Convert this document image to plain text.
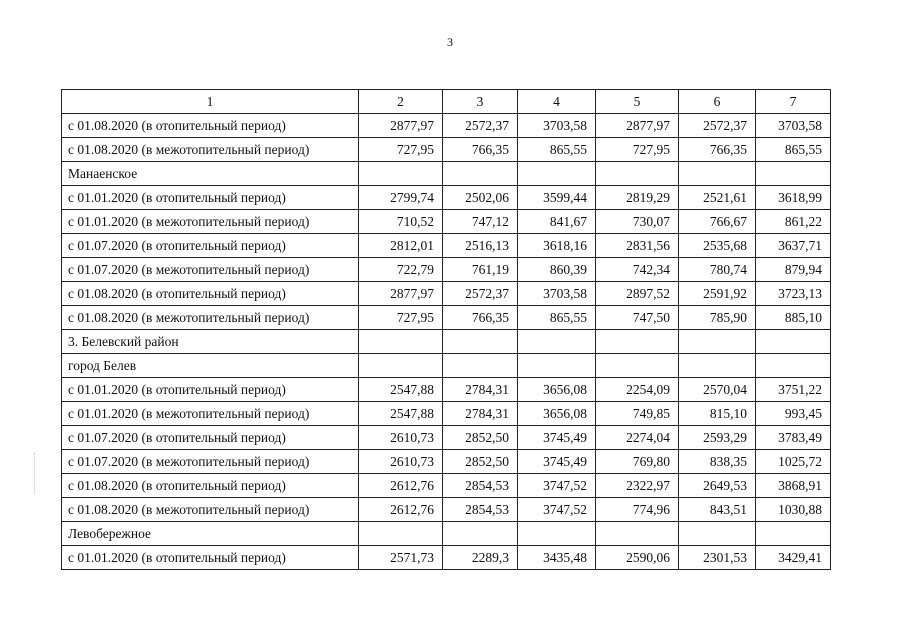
3
1	2	3	4	5	6	7
с 01.08.2020 (в отопительный период)	2877,97	2572,37	3703,58	2877,97	2572,37	3703,58
с 01.08.2020 (в межотопительный период)	727,95	766,35	865,55	727,95	766,35	865,55
Манаенское						
с 01.01.2020 (в отопительный период)	2799,74	2502,06	3599,44	2819,29	2521,61	3618,99
с 01.01.2020 (в межотопительный период)	710,52	747,12	841,67	730,07	766,67	861,22
с 01.07.2020 (в отопительный период)	2812,01	2516,13	3618,16	2831,56	2535,68	3637,71
с 01.07.2020 (в межотопительный период)	722,79	761,19	860,39	742,34	780,74	879,94
с 01.08.2020 (в отопительный период)	2877,97	2572,37	3703,58	2897,52	2591,92	3723,13
с 01.08.2020 (в межотопительный период)	727,95	766,35	865,55	747,50	785,90	885,10
3. Белевский район						
город Белев						
с 01.01.2020 (в отопительный период)	2547,88	2784,31	3656,08	2254,09	2570,04	3751,22
с 01.01.2020 (в межотопительный период)	2547,88	2784,31	3656,08	749,85	815,10	993,45
с 01.07.2020 (в отопительный период)	2610,73	2852,50	3745,49	2274,04	2593,29	3783,49
с 01.07.2020 (в межотопительный период)	2610,73	2852,50	3745,49	769,80	838,35	1025,72
с 01.08.2020 (в отопительный период)	2612,76	2854,53	3747,52	2322,97	2649,53	3868,91
с 01.08.2020 (в межотопительный период)	2612,76	2854,53	3747,52	774,96	843,51	1030,88
Левобережное						
с 01.01.2020 (в отопительный период)	2571,73	2289,3	3435,48	2590,06	2301,53	3429,41
